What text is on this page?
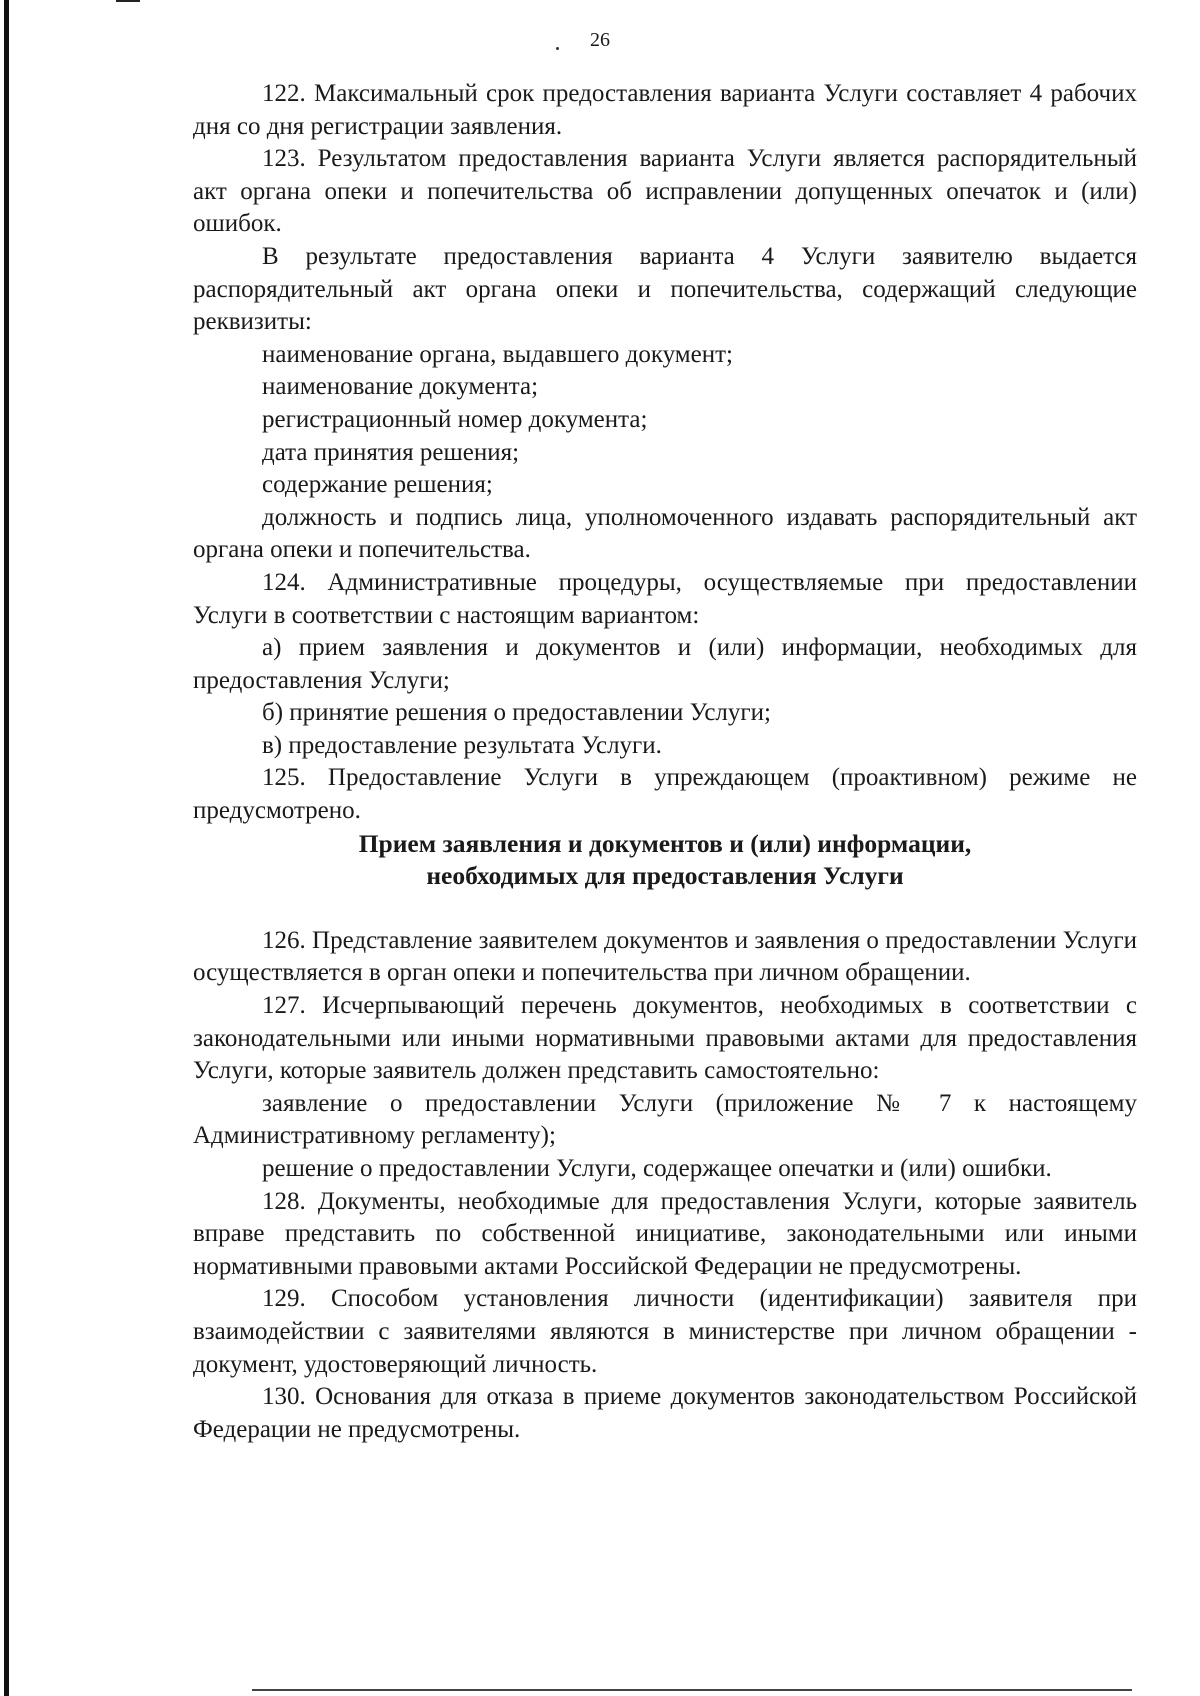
26

122. Максимальный срок предоставления варианта Услуги составляет 4 рабочих дня со дня регистрации заявления.

123. Результатом предоставления варианта Услуги является распорядительный акт органа опеки и попечительства об исправлении допущенных опечаток и (или) ошибок.

В результате предоставления варианта 4 Услуги заявителю выдается распорядительный акт органа опеки и попечительства, содержащий следующие реквизиты:

наименование органа, выдавшего документ;

наименование документа;

регистрационный номер документа;

дата принятия решения;

содержание решения;

должность и подпись лица, уполномоченного издавать распорядительный акт органа опеки и попечительства.

124. Административные процедуры, осуществляемые при предоставлении Услуги в соответствии с настоящим вариантом:

а) прием заявления и документов и (или) информации, необходимых для предоставления Услуги;

б) принятие решения о предоставлении Услуги;

в) предоставление результата Услуги.

125. Предоставление Услуги в упреждающем (проактивном) режиме не предусмотрено.

Прием заявления и документов и (или) информации,
необходимых для предоставления Услуги

126. Представление заявителем документов и заявления о предоставлении Услуги осуществляется в орган опеки и попечительства при личном обращении.

127. Исчерпывающий перечень документов, необходимых в соответствии с законодательными или иными нормативными правовыми актами для предоставления Услуги, которые заявитель должен представить самостоятельно:

заявление о предоставлении Услуги (приложение № 7 к настоящему Административному регламенту);

решение о предоставлении Услуги, содержащее опечатки и (или) ошибки.

128. Документы, необходимые для предоставления Услуги, которые заявитель вправе представить по собственной инициативе, законодательными или иными нормативными правовыми актами Российской Федерации не предусмотрены.

129. Способом установления личности (идентификации) заявителя при взаимодействии с заявителями являются в министерстве при личном обращении - документ, удостоверяющий личность.

130. Основания для отказа в приеме документов законодательством Российской Федерации не предусмотрены.
